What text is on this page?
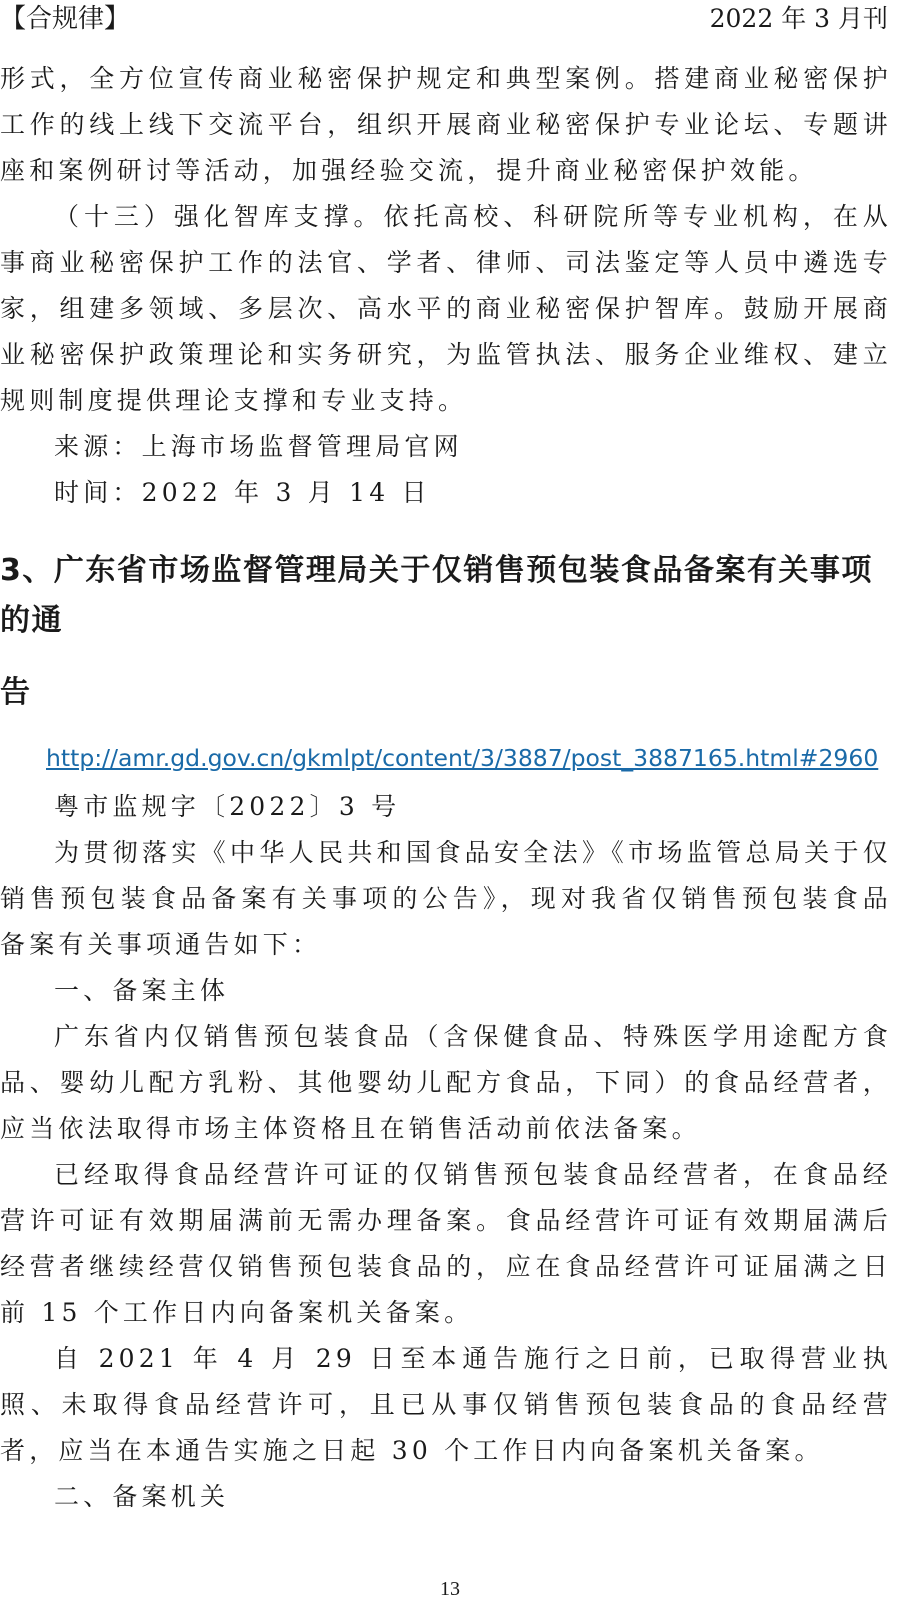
【合规律】	2022 年 3 月刊

形式，全方位宣传商业秘密保护规定和典型案例。搭建商业秘密保护工作的线上线下交流平台，组织开展商业秘密保护专业论坛、专题讲座和案例研讨等活动，加强经验交流，提升商业秘密保护效能。

（十三）强化智库支撑。依托高校、科研院所等专业机构，在从事商业秘密保护工作的法官、学者、律师、司法鉴定等人员中遴选专家，组建多领域、多层次、高水平的商业秘密保护智库。鼓励开展商业秘密保护政策理论和实务研究，为监管执法、服务企业维权、建立规则制度提供理论支撑和专业支持。

来源：上海市场监督管理局官网

时间：2022 年 3 月 14 日

3、广东省市场监督管理局关于仅销售预包装食品备案有关事项的通
告
http://amr.gd.gov.cn/gkmlpt/content/3/3887/post_3887165.html#2960

粤市监规字〔2022〕3 号

为贯彻落实《中华人民共和国食品安全法》《市场监管总局关于仅销售预包装食品备案有关事项的公告》，现对我省仅销售预包装食品备案有关事项通告如下：

一、备案主体

广东省内仅销售预包装食品（含保健食品、特殊医学用途配方食品、婴幼儿配方乳粉、其他婴幼儿配方食品，下同）的食品经营者，应当依法取得市场主体资格且在销售活动前依法备案。

已经取得食品经营许可证的仅销售预包装食品经营者，在食品经营许可证有效期届满前无需办理备案。食品经营许可证有效期届满后经营者继续经营仅销售预包装食品的，应在食品经营许可证届满之日前 15 个工作日内向备案机关备案。

自 2021 年 4 月 29 日至本通告施行之日前，已取得营业执照、未取得食品经营许可，且已从事仅销售预包装食品的食品经营者，应当在本通告实施之日起 30 个工作日内向备案机关备案。

二、备案机关

13
